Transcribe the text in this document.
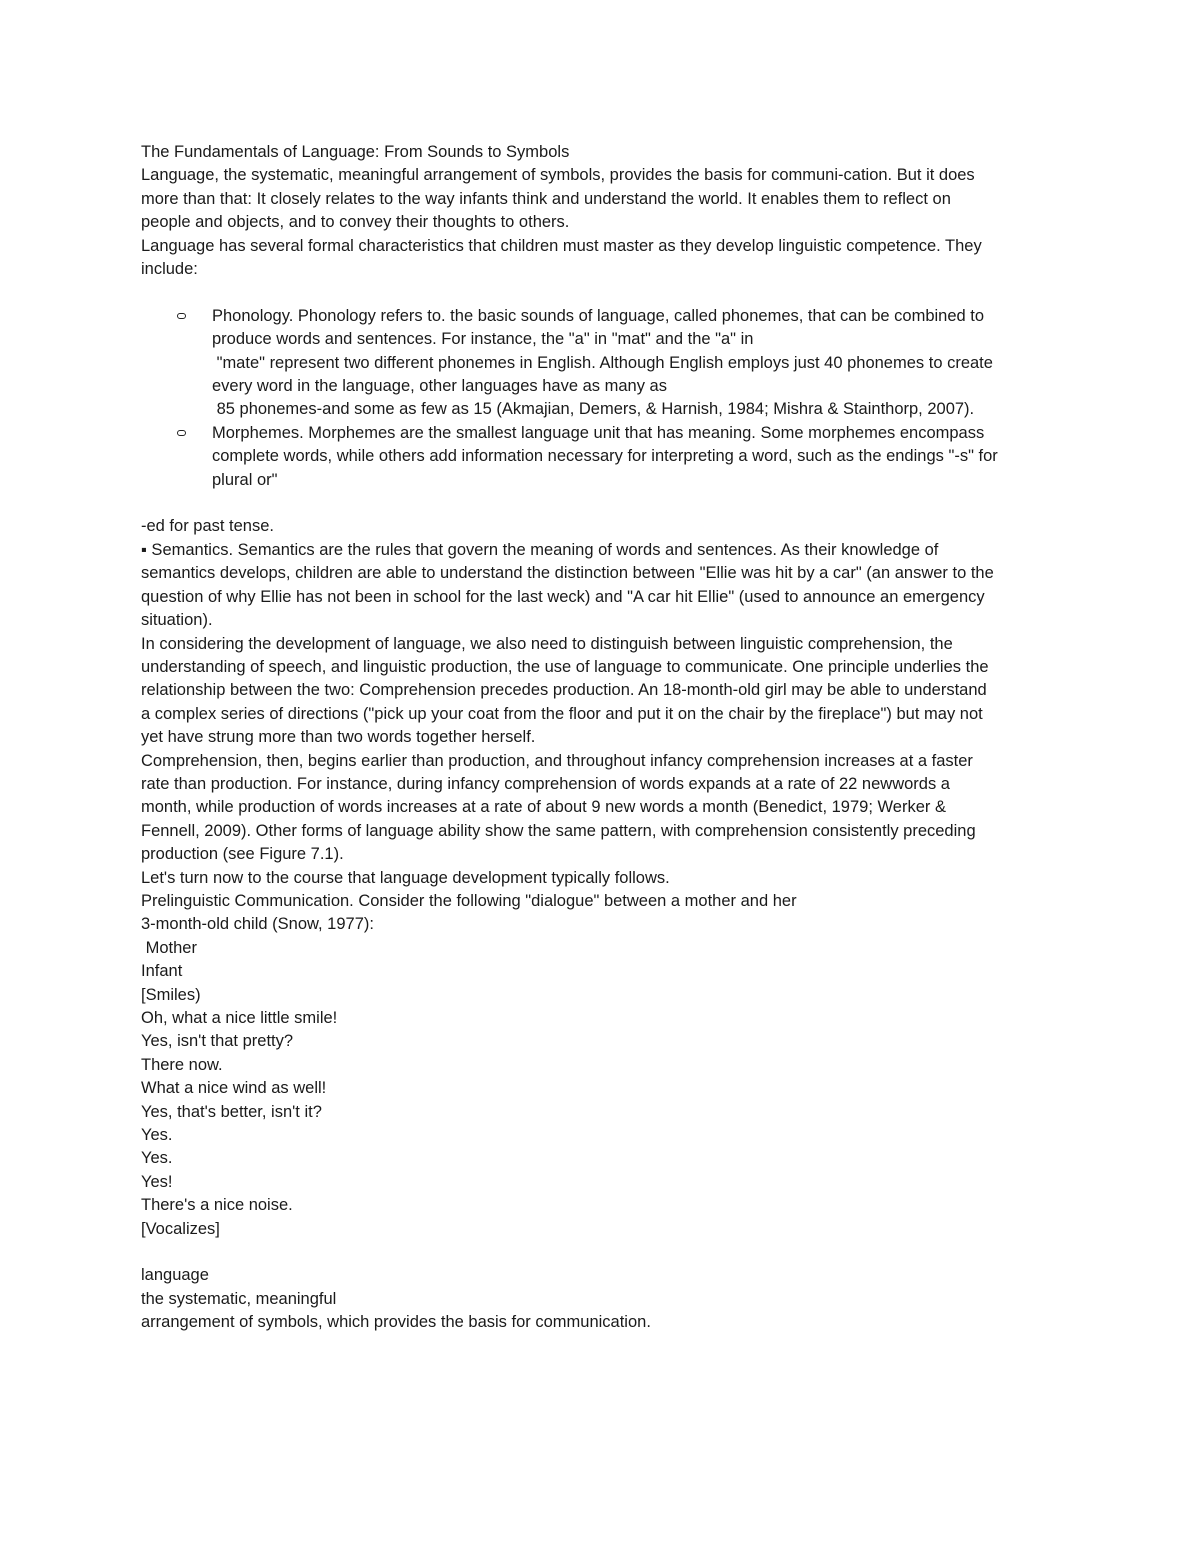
The Fundamentals of Language: From Sounds to Symbols
Language, the systematic, meaningful arrangement of symbols, provides the basis for communi-cation. But it does
more than that: It closely relates to the way infants think and understand the world. It enables them to reflect on
people and objects, and to convey their thoughts to others.
Language has several formal characteristics that children must master as they develop linguistic competence. They
include:
Phonology. Phonology refers to. the basic sounds of language, called phonemes, that can be combined to
produce words and sentences. For instance, the "a" in "mat" and the "a" in
"mate" represent two different phonemes in English. Although English employs just 40 phonemes to create
every word in the language, other languages have as many as
85 phonemes-and some as few as 15 (Akmajian, Demers, & Harnish, 1984; Mishra & Stainthorp, 2007).
Morphemes. Morphemes are the smallest language unit that has meaning. Some morphemes encompass
complete words, while others add information necessary for interpreting a word, such as the endings "-s" for
plural or"
-ed for past tense.
▪ Semantics. Semantics are the rules that govern the meaning of words and sentences. As their knowledge of
semantics develops, children are able to understand the distinction between "Ellie was hit by a car" (an answer to the
question of why Ellie has not been in school for the last weck) and "A car hit Ellie" (used to announce an emergency
situation).
In considering the development of language, we also need to distinguish between linguistic comprehension, the
understanding of speech, and linguistic production, the use of language to communicate. One principle underlies the
relationship between the two: Comprehension precedes production. An 18-month-old girl may be able to understand
a complex series of directions ("pick up your coat from the floor and put it on the chair by the fireplace") but may not
yet have strung more than two words together herself.
Comprehension, then, begins earlier than production, and throughout infancy comprehension increases at a faster
rate than production. For instance, during infancy comprehension of words expands at a rate of 22 newwords a
month, while production of words increases at a rate of about 9 new words a month (Benedict, 1979; Werker &
Fennell, 2009). Other forms of language ability show the same pattern, with comprehension consistently preceding
production (see Figure 7.1).
Let's turn now to the course that language development typically follows.
Prelinguistic Communication. Consider the following "dialogue" between a mother and her
3-month-old child (Snow, 1977):
Mother
Infant
[Smiles)
Oh, what a nice little smile!
Yes, isn't that pretty?
There now.
What a nice wind as well!
Yes, that's better, isn't it?
Yes.
Yes.
Yes!
There's a nice noise.
[Vocalizes]
language
the systematic, meaningful
arrangement of symbols, which provides the basis for communication.
